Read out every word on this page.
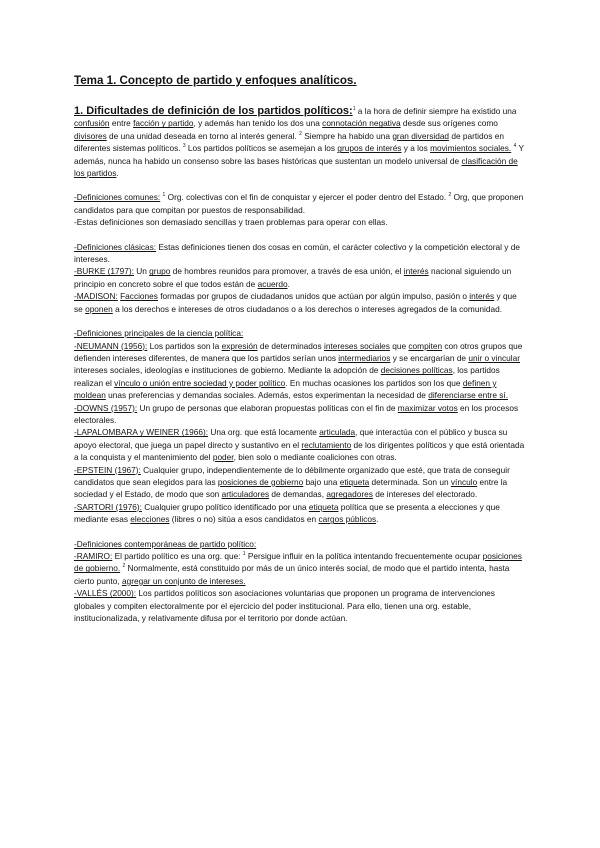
Tema 1. Concepto de partido y enfoques analíticos.

1. Dificultades de definición de los partidos políticos:$^1$ a la hora de definir siempre ha existido una confusión entre facción y partido, y además han tenido los dos una connotación negativa desde sus orígenes como divisores de una unidad deseada en torno al interés general. $^2$ Siempre ha habido una gran diversidad de partidos en diferentes sistemas políticos. $^3$ Los partidos políticos se asemejan a los grupos de interés y a los movimientos sociales. $^4$ Y además, nunca ha habido un consenso sobre las bases históricas que sustentan un modelo universal de clasificación de los partidos.

-Definiciones comunes: $^1$ Org. colectivas con el fin de conquistar y ejercer el poder dentro del Estado. $^2$ Org, que proponen candidatos para que compitan por puestos de responsabilidad.

-Estas definiciones son demasiado sencillas y traen problemas para operar con ellas.

-Definiciones clásicas: Estas definiciones tienen dos cosas en común, el carácter colectivo y la competición electoral y de intereses.

-BURKE (1797): Un grupo de hombres reunidos para promover, a través de esa unión, el interés nacional siguiendo un principio en concreto sobre el que todos están de acuerdo.

-MADISON: Facciones formadas por grupos de ciudadanos unidos que actúan por algún impulso, pasión o interés y que se oponen a los derechos e intereses de otros ciudadanos o a los derechos o intereses agregados de la comunidad.

-Definiciones principales de la ciencia política:

-NEUMANN (1956): Los partidos son la expresión de determinados intereses sociales que compiten con otros grupos que defienden intereses diferentes, de manera que los partidos serían unos intermediarios y se encargarían de unir o vincular intereses sociales, ideologías e instituciones de gobierno. Mediante la adopción de decisiones políticas, los partidos realizan el vínculo o unión entre sociedad y poder político. En muchas ocasiones los partidos son los que definen y moldean unas preferencias y demandas sociales. Además, estos experimentan la necesidad de diferenciarse entre sí.

-DOWNS (1957): Un grupo de personas que elaboran propuestas políticas con el fin de maximizar votos en los procesos electorales.

-LAPALOMBARA y WEINER (1966): Una org. que está locamente articulada, que interactúa con el público y busca su apoyo electoral, que juega un papel directo y sustantivo en el reclutamiento de los dirigentes políticos y que está orientada a la conquista y el mantenimiento del poder, bien solo o mediante coaliciones con otras.

-EPSTEIN (1967): Cualquier grupo, independientemente de lo débilmente organizado que esté, que trata de conseguir candidatos que sean elegidos para las posiciones de gobierno bajo una etiqueta determinada. Son un vínculo entre la sociedad y el Estado, de modo que son articuladores de demandas, agregadores de intereses del electorado.

-SARTORI (1976): Cualquier grupo político identificado por una etiqueta política que se presenta a elecciones y que mediante esas elecciones (libres o no) sitúa a esos candidatos en cargos públicos.

-Definiciones contemporáneas de partido político:

-RAMIRO: El partido político es una org. que: $^1$ Persigue influir en la política intentando frecuentemente ocupar posiciones de gobierno. $^2$ Normalmente, está constituido por más de un único interés social, de modo que el partido intenta, hasta cierto punto, agregar un conjunto de intereses.

-VALLÉS (2000): Los partidos políticos son asociaciones voluntarias que proponen un programa de intervenciones globales y compiten electoralmente por el ejercicio del poder institucional. Para ello, tienen una org. estable, institucionalizada, y relativamente difusa por el territorio por donde actúan.
